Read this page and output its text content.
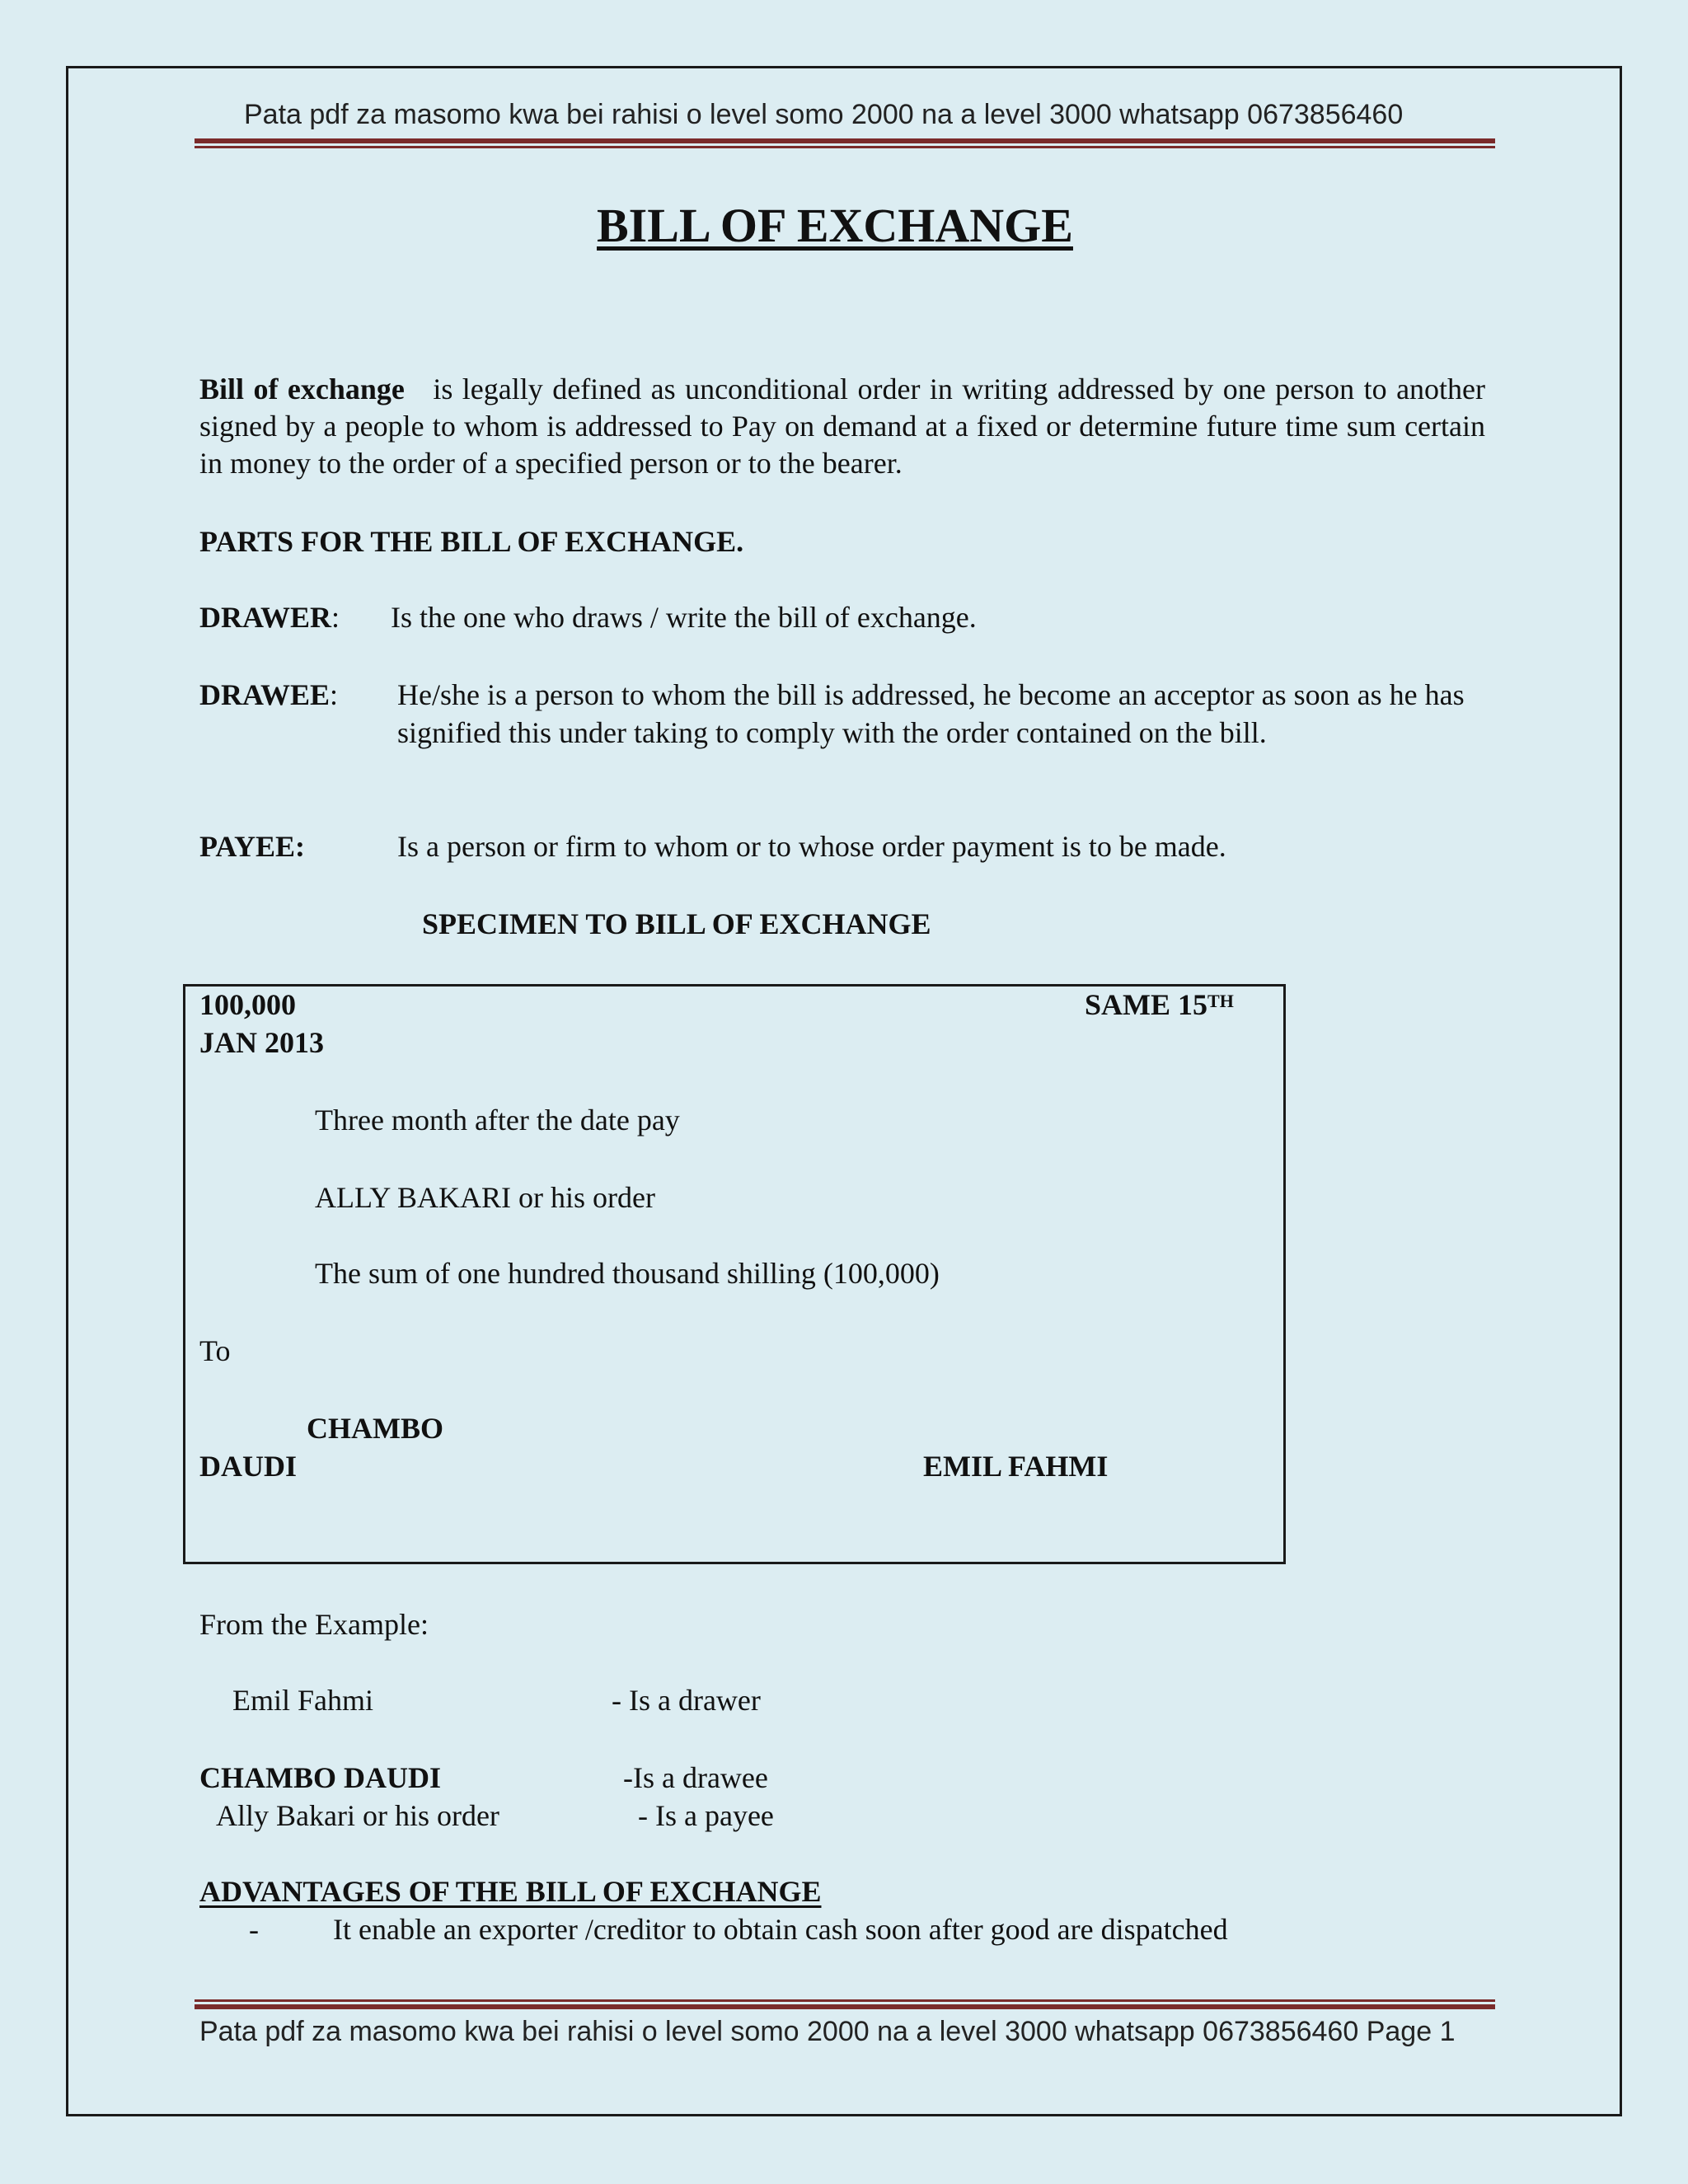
Pata pdf za masomo kwa bei rahisi o level somo 2000 na a level 3000 whatsapp 0673856460
BILL OF EXCHANGE
Bill of exchange is legally defined as unconditional order in writing addressed by one person to another signed by a people to whom is addressed to Pay on demand at a fixed or determine future time sum certain in money to the order of a specified person or to the bearer.
PARTS FOR THE BILL OF EXCHANGE.
DRAWER: Is the one who draws / write the bill of exchange.
DRAWEE: He/she is a person to whom the bill is addressed, he become an acceptor as soon as he has signified this under taking to comply with the order contained on the bill.
PAYEE:	Is a person or firm to whom or to whose order payment is to be made.
SPECIMEN TO BILL OF EXCHANGE
100,000
JAN 2013
SAME 15TH
Three month after the date pay
ALLY BAKARI or his order
The sum of one hundred thousand shilling (100,000)
To
CHAMBO
DAUDI	EMIL FAHMI
From the Example:
Emil Fahmi	- Is a drawer
CHAMBO DAUDI	-Is a drawee
Ally Bakari or his order	- Is a payee
ADVANTAGES OF THE BILL OF EXCHANGE
-	It enable an exporter /creditor to obtain cash soon after good are dispatched
Pata pdf za masomo kwa bei rahisi o level somo 2000 na a level 3000 whatsapp 0673856460 Page 1
